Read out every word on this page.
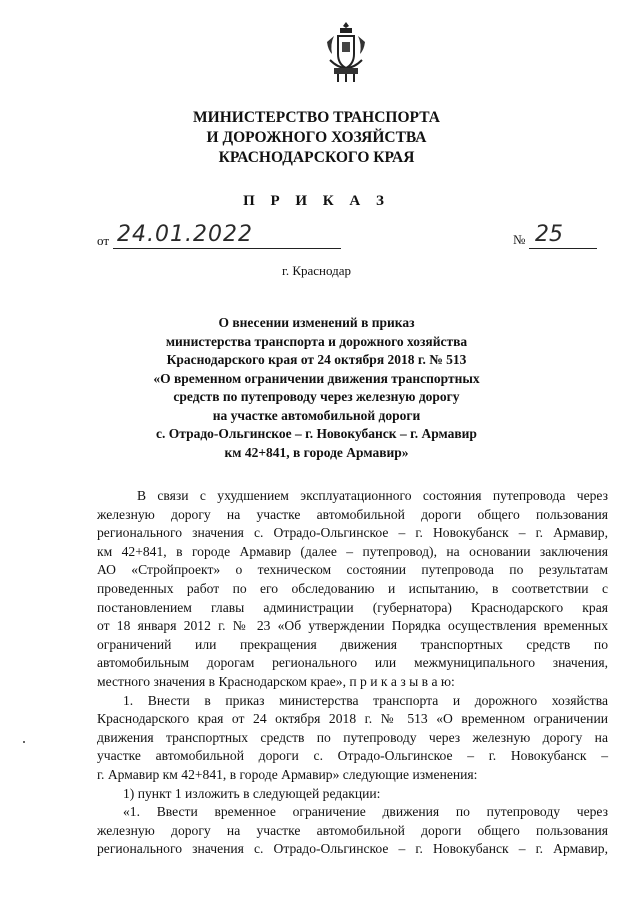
МИНИСТЕРСТВО ТРАНСПОРТА
И ДОРОЖНОГО ХОЗЯЙСТВА
КРАСНОДАРСКОГО КРАЯ
П Р И К А З
от 24.01.2022	№ 25
г. Краснодар
О внесении изменений в приказ
министерства транспорта и дорожного хозяйства
Краснодарского края от 24 октября 2018 г. № 513
«О временном ограничении движения транспортных
средств по путепроводу через железную дорогу
на участке автомобильной дороги
с. Отрадо-Ольгинское – г. Новокубанск – г. Армавир
км 42+841, в городе Армавир»
В связи с ухудшением эксплуатационного состояния путепровода через
железную дорогу на участке автомобильной дороги общего пользования
регионального значения с. Отрадо-Ольгинское – г. Новокубанск – г. Армавир,
км 42+841, в городе Армавир (далее – путепровод), на основании заключения
АО «Стройпроект» о техническом состоянии путепровода по результатам
проведенных работ по его обследованию и испытанию, в соответствии с
постановлением главы администрации (губернатора) Краснодарского края
от 18 января 2012 г. № 23 «Об утверждении Порядка осуществления временных
ограничений или прекращения движения транспортных средств по
автомобильным дорогам регионального или межмуниципального значения,
местного значения в Краснодарском крае», п р и к а з ы в а ю:
1. Внести в приказ министерства транспорта и дорожного хозяйства
Краснодарского края от 24 октября 2018 г. № 513 «О временном ограничении
движения транспортных средств по путепроводу через железную дорогу на
участке автомобильной дороги с. Отрадо-Ольгинское – г. Новокубанск –
г. Армавир км 42+841, в городе Армавир» следующие изменения:
1) пункт 1 изложить в следующей редакции:
«1. Ввести временное ограничение движения по путепроводу через
железную дорогу на участке автомобильной дороги общего пользования
регионального значения с. Отрадо-Ольгинское – г. Новокубанск – г. Армавир,
